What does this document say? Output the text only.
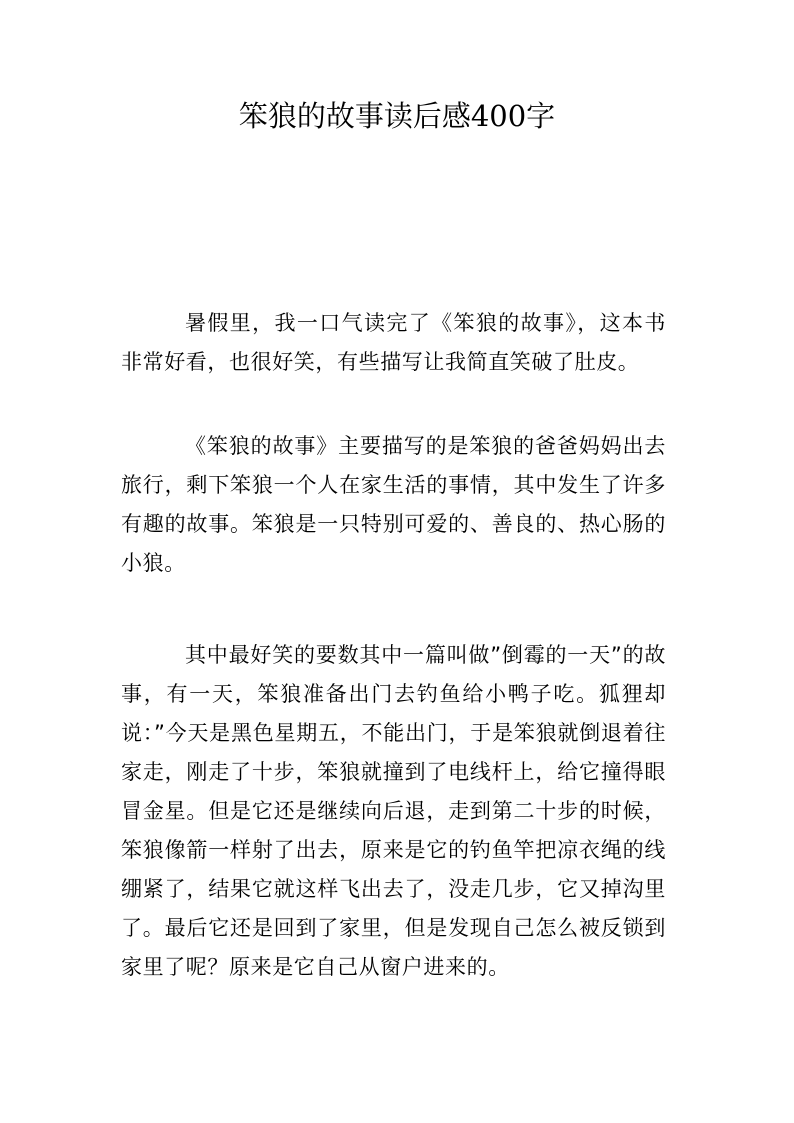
笨狼的故事读后感400字
暑假里，我一口气读完了《笨狼的故事》，这本书非常好看，也很好笑，有些描写让我简直笑破了肚皮。
《笨狼的故事》主要描写的是笨狼的爸爸妈妈出去旅行，剩下笨狼一个人在家生活的事情，其中发生了许多有趣的故事。笨狼是一只特别可爱的、善良的、热心肠的小狼。
其中最好笑的要数其中一篇叫做”倒霉的一天”的故事，有一天，笨狼准备出门去钓鱼给小鸭子吃。狐狸却说：”今天是黑色星期五，不能出门，于是笨狼就倒退着往家走，刚走了十步，笨狼就撞到了电线杆上，给它撞得眼冒金星。但是它还是继续向后退，走到第二十步的时候，笨狼像箭一样射了出去，原来是它的钓鱼竿把凉衣绳的线绷紧了，结果它就这样飞出去了，没走几步，它又掉沟里了。最后它还是回到了家里，但是发现自己怎么被反锁到家里了呢？原来是它自己从窗户进来的。
